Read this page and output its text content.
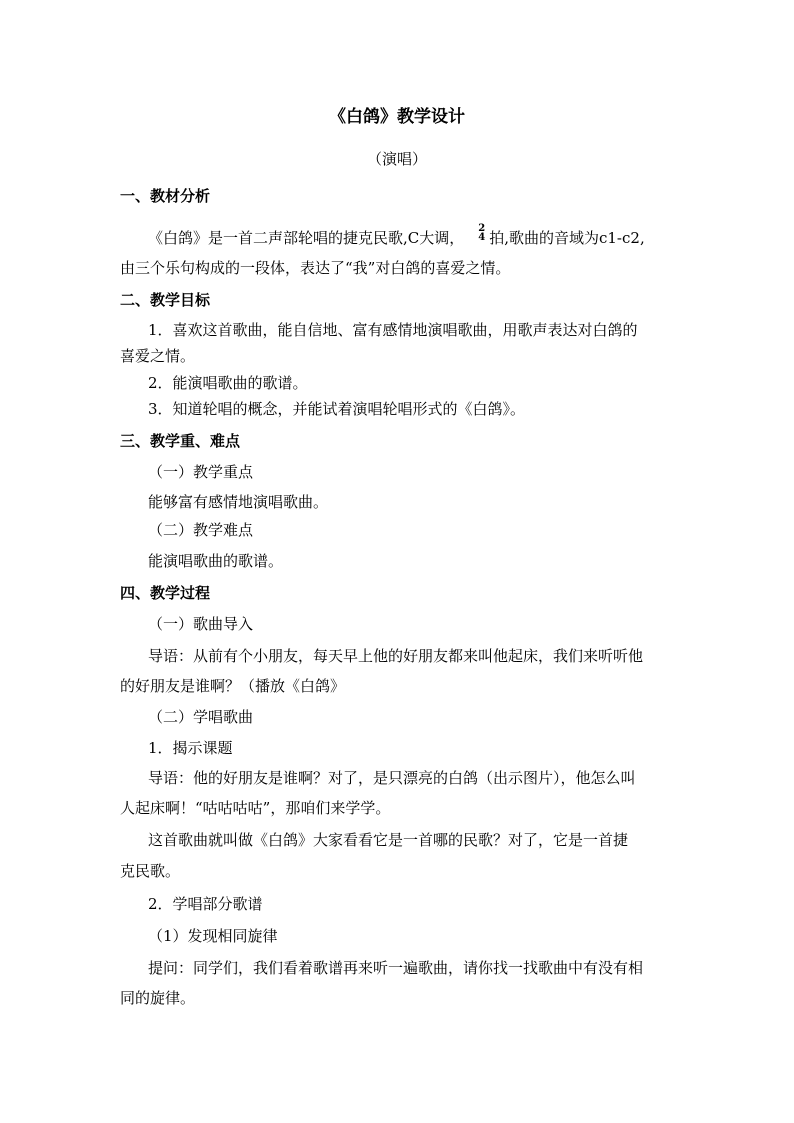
《白鸽》教学设计
（演唱）
一、教材分析
《白鸽》是一首二声部轮唱的捷克民歌,C大调，
2
4 拍,歌曲的音域为c1-c2,
由三个乐句构成的一段体，表达了“我”对白鸽的喜爱之情。
二、教学目标
1．喜欢这首歌曲，能自信地、富有感情地演唱歌曲，用歌声表达对白鸽的
喜爱之情。
2．能演唱歌曲的歌谱。
3．知道轮唱的概念，并能试着演唱轮唱形式的《白鸽》。
三、教学重、难点
（一）教学重点
能够富有感情地演唱歌曲。
（二）教学难点
能演唱歌曲的歌谱。
四、教学过程
（一）歌曲导入
导语：从前有个小朋友，每天早上他的好朋友都来叫他起床，我们来听听他
的好朋友是谁啊？（播放《白鸽》
（二）学唱歌曲
1．揭示课题
导语：他的好朋友是谁啊？对了，是只漂亮的白鸽（出示图片），他怎么叫
人起床啊！“咕咕咕咕”，那咱们来学学。
这首歌曲就叫做《白鸽》大家看看它是一首哪的民歌？对了，它是一首捷
克民歌。
2．学唱部分歌谱
（1）发现相同旋律
提问：同学们，我们看着歌谱再来听一遍歌曲，请你找一找歌曲中有没有相
同的旋律。
